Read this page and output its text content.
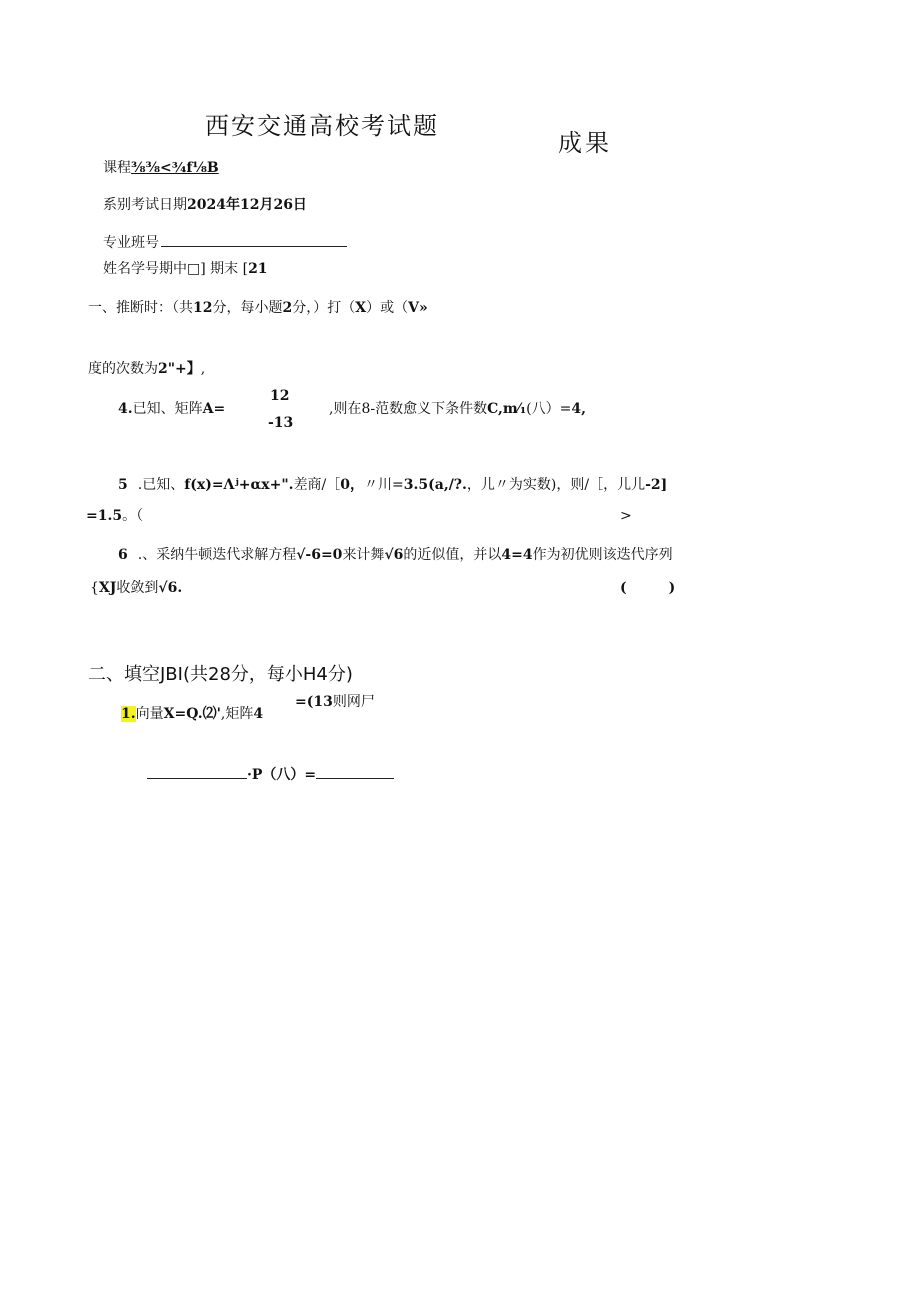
西安交通高校考试题
成果
课程⅜⅜<¾f⅛B
系别考试日期2024年12月26日
专业班号
姓名学号期中□] 期末 [21
一、推断时：（共12分，每小题2分，）打（X）或（V»
度的次数为2"+】,
4.已知、矩阵A=
12
-13
,则在8-范数愈义下条件数C,m⁄₁(八）=4,
5 .已知、f(x)=Λʲ+αx+".差商/［0，〃川=3.5(a,/?.，儿〃为实数)，则/［，儿儿-2]
=1.5。（	>
6 .、采纳牛顿迭代求解方程√-6=0来计舞√6的近似值，并以4=4作为初优则该迭代序列
{XJ收敛到√6.	(　　　)
二、填空JBI(共28分，每小H4分)
1.向量X=Q.⑵',矩阵4
=(13则网尸
·P（八）=
